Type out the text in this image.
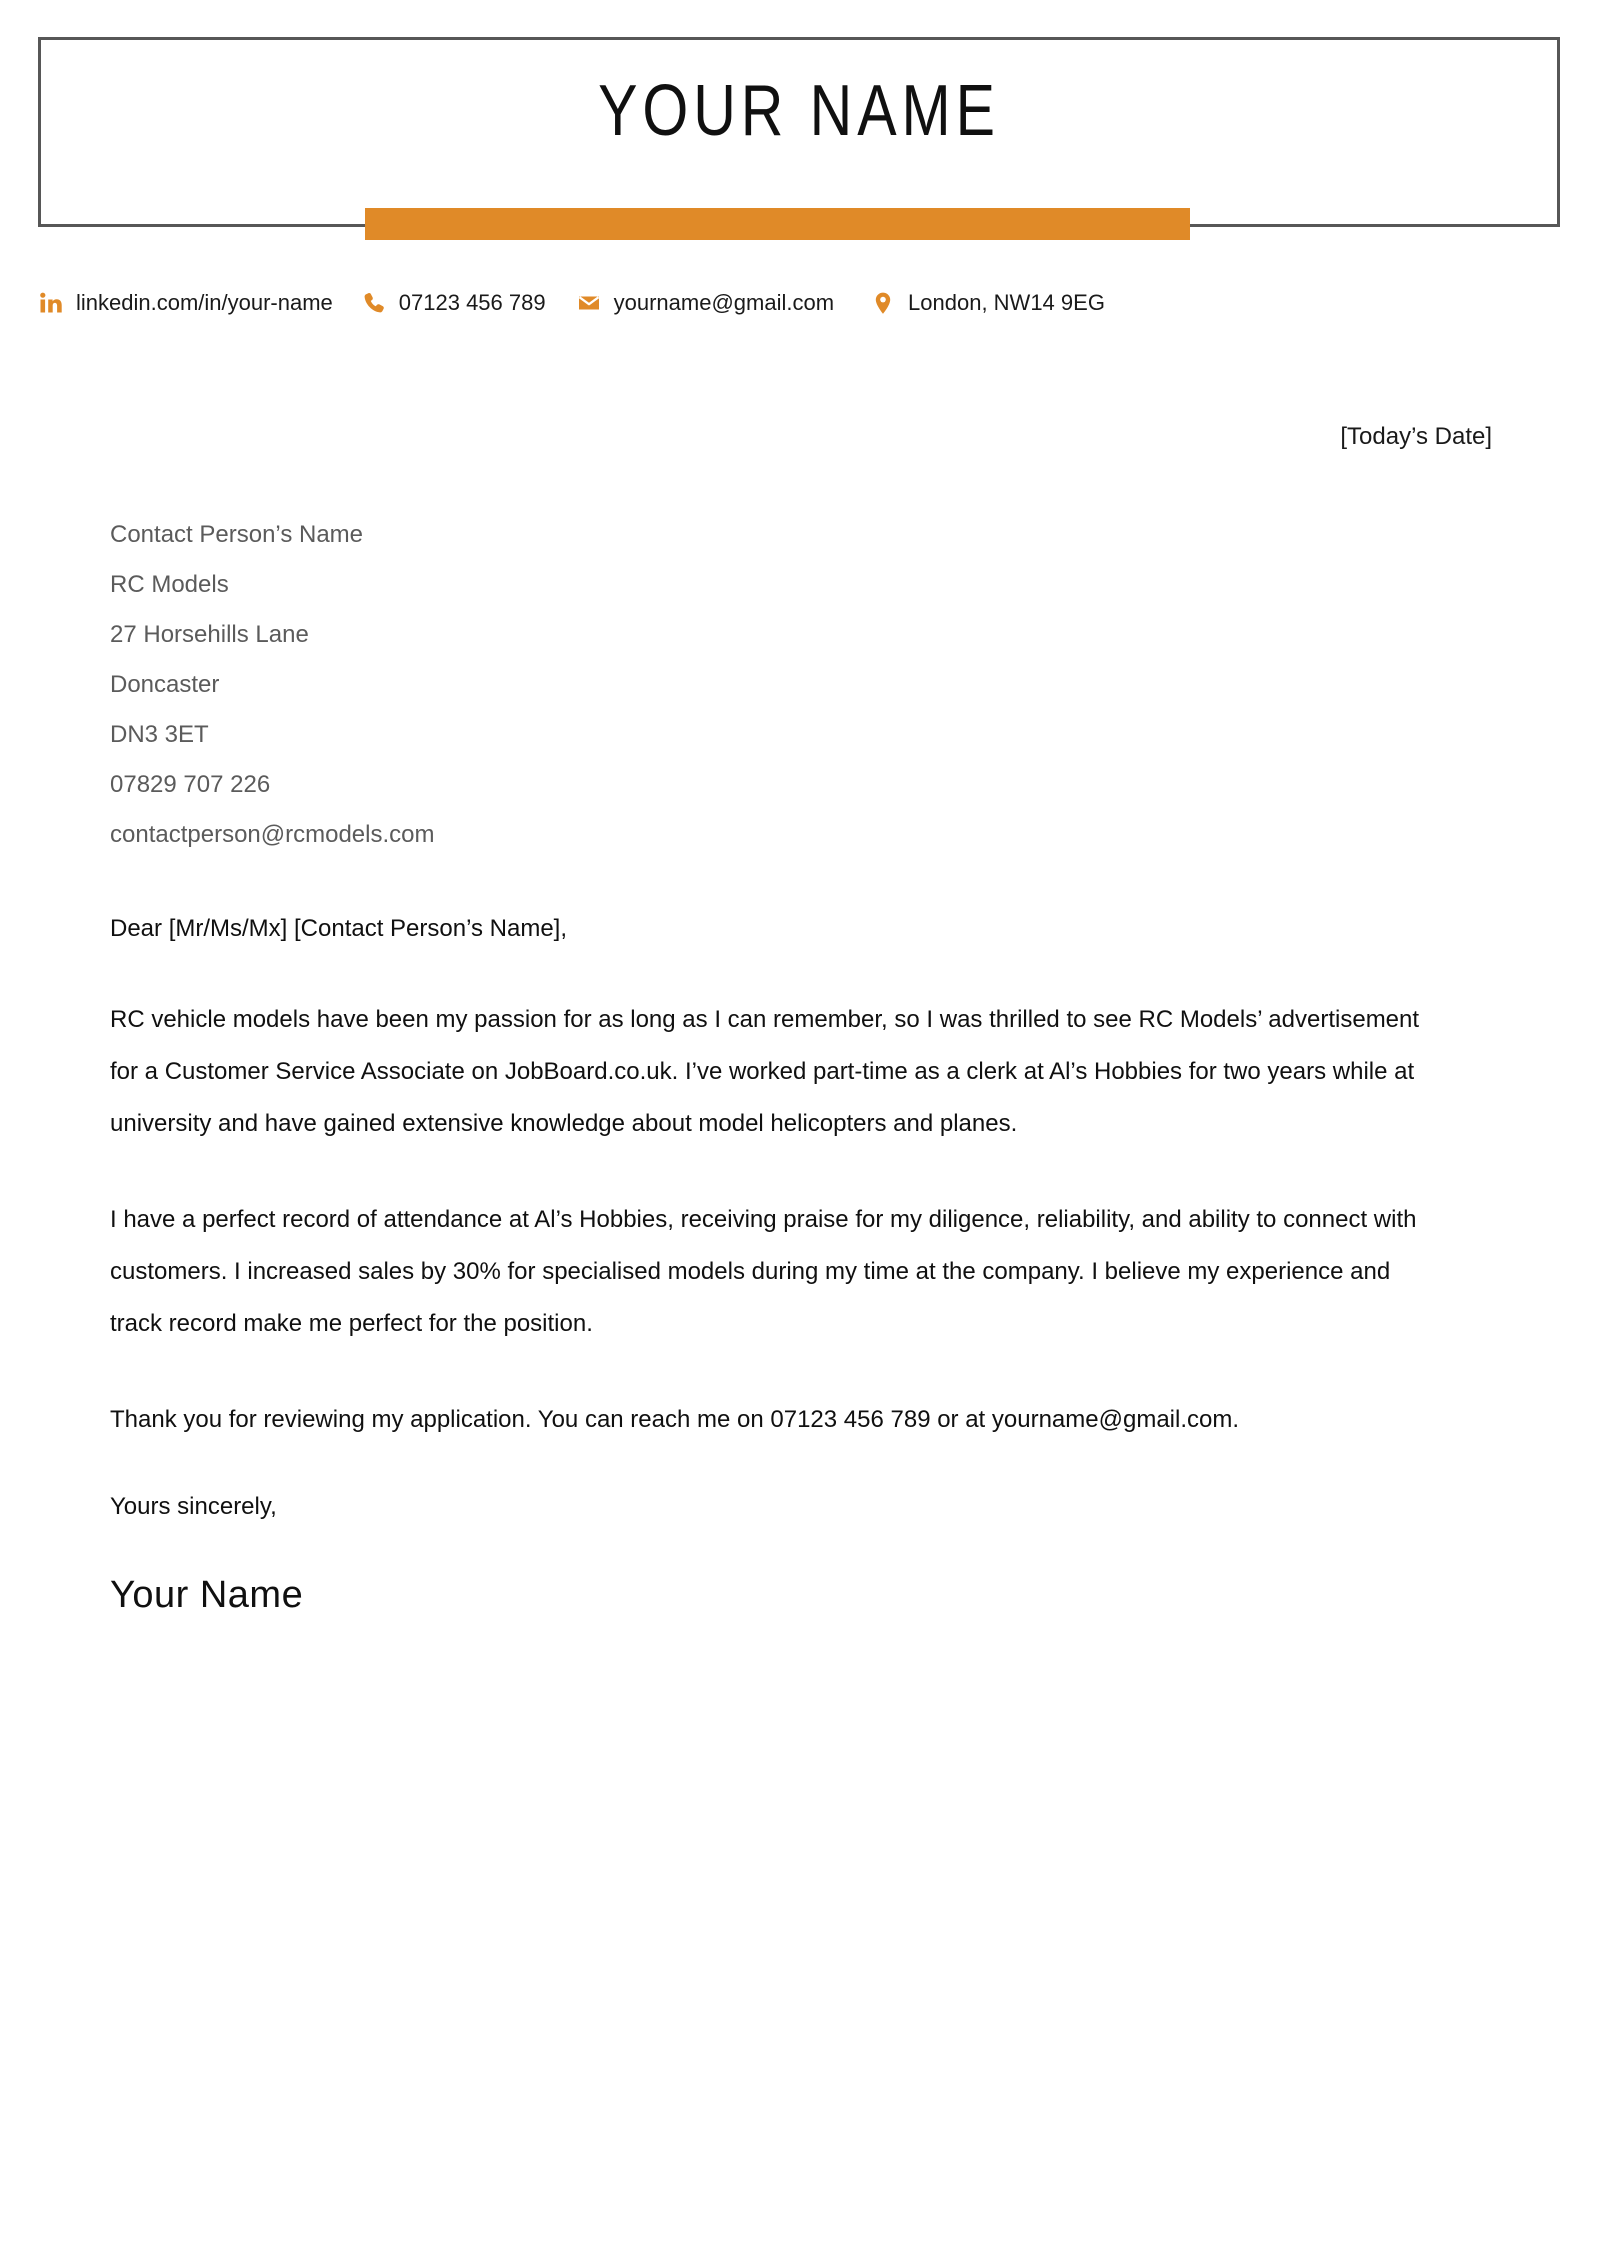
YOUR NAME
linkedin.com/in/your-name	07123 456 789	yourname@gmail.com	London, NW14 9EG
[Today’s Date]
Contact Person’s Name
RC Models
27 Horsehills Lane
Doncaster
DN3 3ET
07829 707 226
contactperson@rcmodels.com

Dear [Mr/Ms/Mx] [Contact Person’s Name],

RC vehicle models have been my passion for as long as I can remember, so I was thrilled to see RC Models’ advertisement for a Customer Service Associate on JobBoard.co.uk. I’ve worked part-time as a clerk at Al’s Hobbies for two years while at university and have gained extensive knowledge about model helicopters and planes.

I have a perfect record of attendance at Al’s Hobbies, receiving praise for my diligence, reliability, and ability to connect with customers. I increased sales by 30% for specialised models during my time at the company. I believe my experience and track record make me perfect for the position.

Thank you for reviewing my application. You can reach me on 07123 456 789 or at yourname@gmail.com.

Yours sincerely,

Your Name
